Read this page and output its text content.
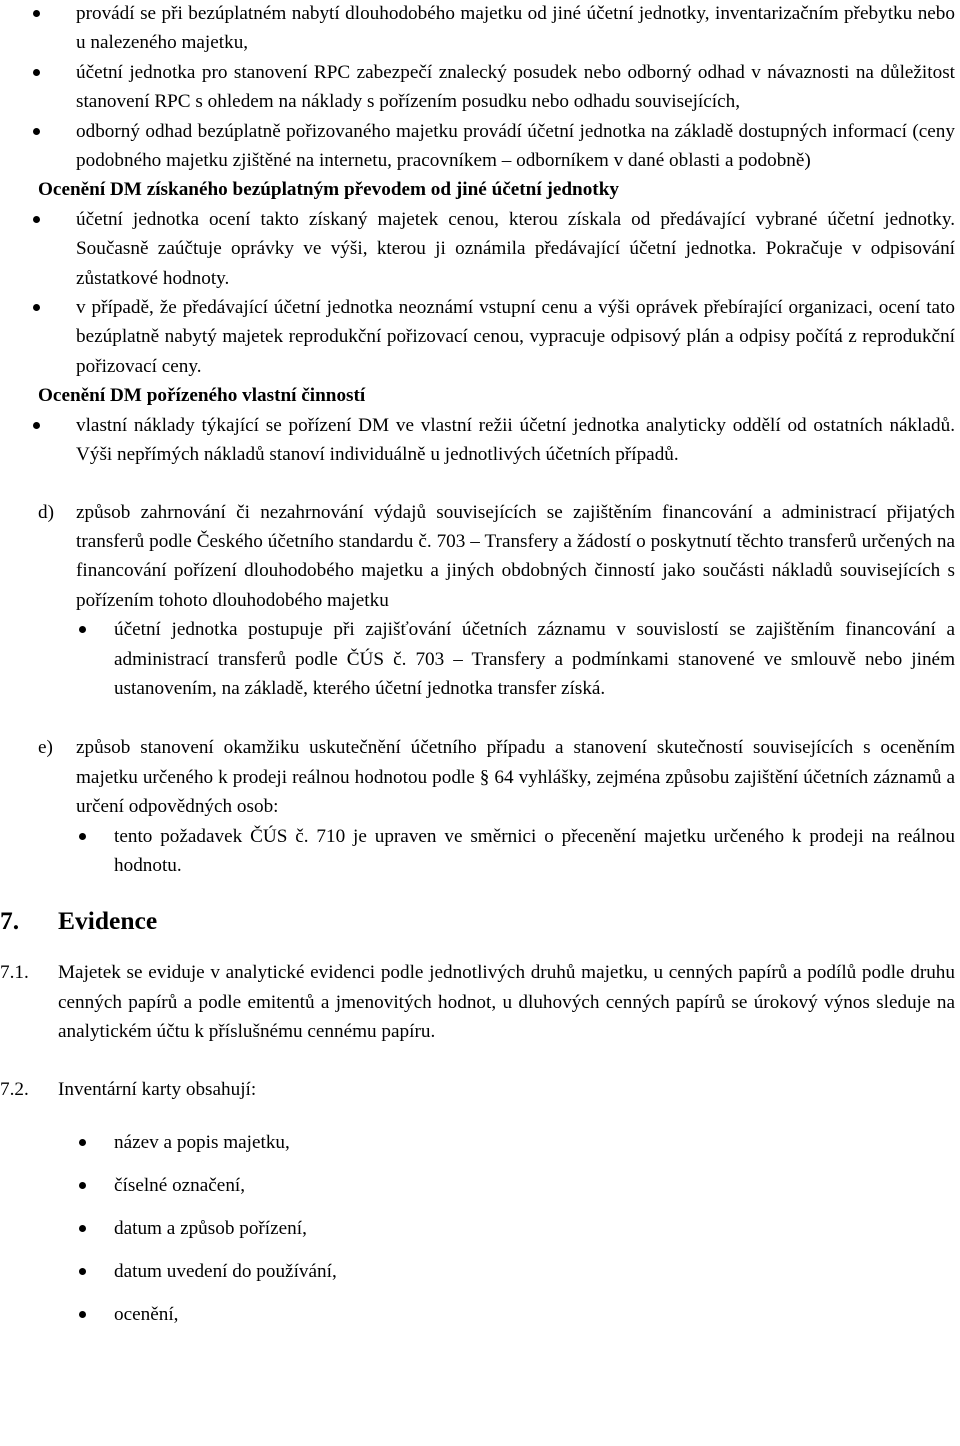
provádí se při bezúplatném nabytí dlouhodobého majetku od jiné účetní jednotky, inventarizačním přebytku nebo u nalezeného majetku,
účetní jednotka pro stanovení RPC zabezpečí znalecký posudek nebo odborný odhad v návaznosti na důležitost stanovení RPC s ohledem na náklady s pořízením posudku nebo odhadu souvisejících,
odborný odhad bezúplatně pořizovaného majetku provádí účetní jednotka na základě dostupných informací (ceny podobného majetku zjištěné na internetu, pracovníkem – odborníkem v dané oblasti a podobně)
Ocenění DM získaného bezúplatným převodem od jiné účetní jednotky
účetní jednotka ocení takto získaný majetek cenou, kterou získala od předávající vybrané účetní jednotky. Současně zaúčtuje oprávky ve výši, kterou ji oznámila předávající účetní jednotka. Pokračuje v odpisování zůstatkové hodnoty.
v případě, že předávající účetní jednotka neoznámí vstupní cenu a výši oprávek přebírající organizaci, ocení tato bezúplatně nabytý majetek reprodukční pořizovací cenou, vypracuje odpisový plán a odpisy počítá z reprodukční pořizovací ceny.
Ocenění DM pořízeného vlastní činností
vlastní náklady týkající se pořízení DM ve vlastní režii účetní jednotka analyticky oddělí od ostatních nákladů. Výši nepřímých nákladů stanoví individuálně u jednotlivých účetních případů.
d) způsob zahrnování či nezahrnování výdajů souvisejících se zajištěním financování a administrací přijatých transferů podle Českého účetního standardu č. 703 – Transfery a žádostí o poskytnutí těchto transferů určených na financování pořízení dlouhodobého majetku a jiných obdobných činností jako součásti nákladů souvisejících s pořízením tohoto dlouhodobého majetku
účetní jednotka postupuje při zajišťování účetních záznamu v souvislostí se zajištěním financování a administrací transferů podle ČÚS č. 703 – Transfery a podmínkami stanovené ve smlouvě nebo jiném ustanovením, na základě, kterého účetní jednotka transfer získá.
e) způsob stanovení okamžiku uskutečnění účetního případu a stanovení skutečností souvisejících s oceněním majetku určeného k prodeji reálnou hodnotou podle § 64 vyhlášky, zejména způsobu zajištění účetních záznamů a určení odpovědných osob:
tento požadavek ČÚS č. 710 je upraven ve směrnici o přecenění majetku určeného k prodeji na reálnou hodnotu.
7. Evidence
7.1. Majetek se eviduje v analytické evidenci podle jednotlivých druhů majetku, u cenných papírů a podílů podle druhu cenných papírů a podle emitentů a jmenovitých hodnot, u dluhových cenných papírů se úrokový výnos sleduje na analytickém účtu k příslušnému cennému papíru.
7.2. Inventární karty obsahují:
název a popis majetku,
číselné označení,
datum a způsob pořízení,
datum uvedení do používání,
ocenění,
